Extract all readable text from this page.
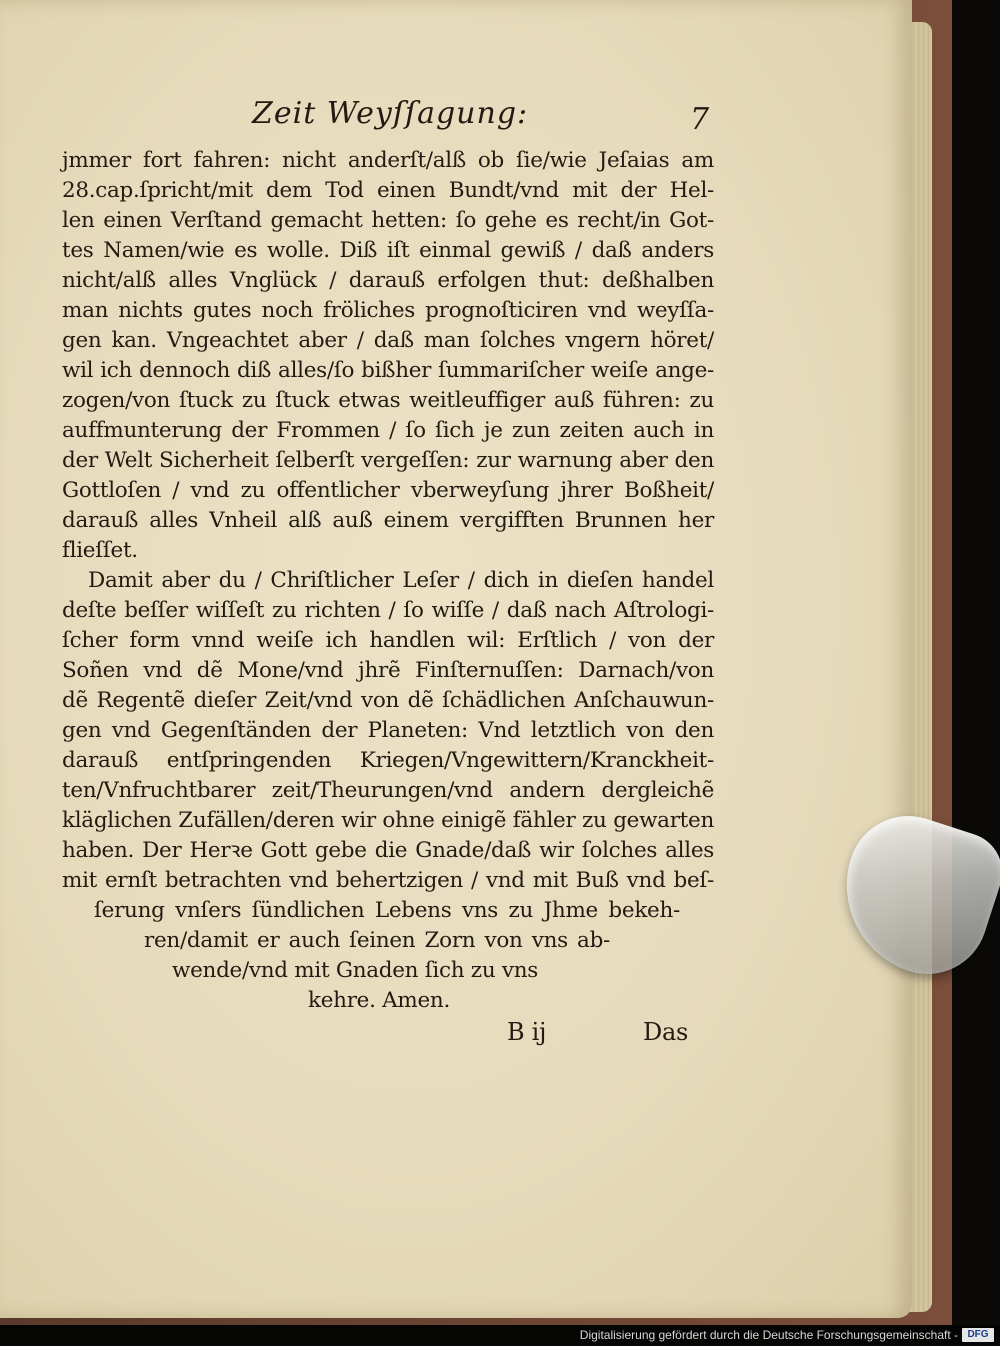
Zeit Weyſſagung:	7
jmmer fort fahren: nicht anderſt/alß ob ſie/wie Jeſaias am
28.cap.ſpricht/mit dem Tod einen Bundt/vnd mit der Hel-
len einen Verſtand gemacht hetten: ſo gehe es recht/in Got-
tes Namen/wie es wolle. Diß iſt einmal gewiß / daß anders
nicht/alß alles Vnglück / darauß erfolgen thut: deßhalben
man nichts gutes noch fröliches prognoſticiren vnd weyſſa-
gen kan. Vngeachtet aber / daß man ſolches vngern höret/
wil ich dennoch diß alles/ſo bißher ſummariſcher weiſe ange-
zogen/von ſtuck zu ſtuck etwas weitleuffiger auß führen: zu
auffmunterung der Frommen / ſo ſich je zun zeiten auch in
der Welt Sicherheit ſelberſt vergeſſen: zur warnung aber den
Gottloſen / vnd zu offentlicher vberweyſung jhrer Boßheit/
darauß alles Vnheil alß auß einem vergifften Brunnen her
flieſſet.
Damit aber du / Chriſtlicher Leſer / dich in dieſen handel
deſte beſſer wiſſeſt zu richten / ſo wiſſe / daß nach Aſtrologi-
ſcher form vnnd weiſe ich handlen wil: Erſtlich / von der
Soñen vnd dẽ Mone/vnd jhrẽ Finſternuſſen: Darnach/von
dẽ Regentẽ dieſer Zeit/vnd von dẽ ſchädlichen Anſchauwun-
gen vnd Gegenſtänden der Planeten: Vnd letztlich von den
darauß entſpringenden Kriegen/Vngewittern/Kranckheit-
ten/Vnfruchtbarer zeit/Theurungen/vnd andern dergleichẽ
kläglichen Zufällen/deren wir ohne einigẽ fähler zu gewarten
haben. Der Herꝛe Gott gebe die Gnade/daß wir ſolches alles
mit ernſt betrachten vnd behertzigen / vnd mit Buß vnd beſ-
ſerung vnſers ſündlichen Lebens vns zu Jhme bekeh-
ren/damit er auch ſeinen Zorn von vns ab-
wende/vnd mit Gnaden ſich zu vns
kehre. Amen.
B ij	Das
Digitalisierung gefördert durch die Deutsche Forschungsgemeinschaft - DFG
